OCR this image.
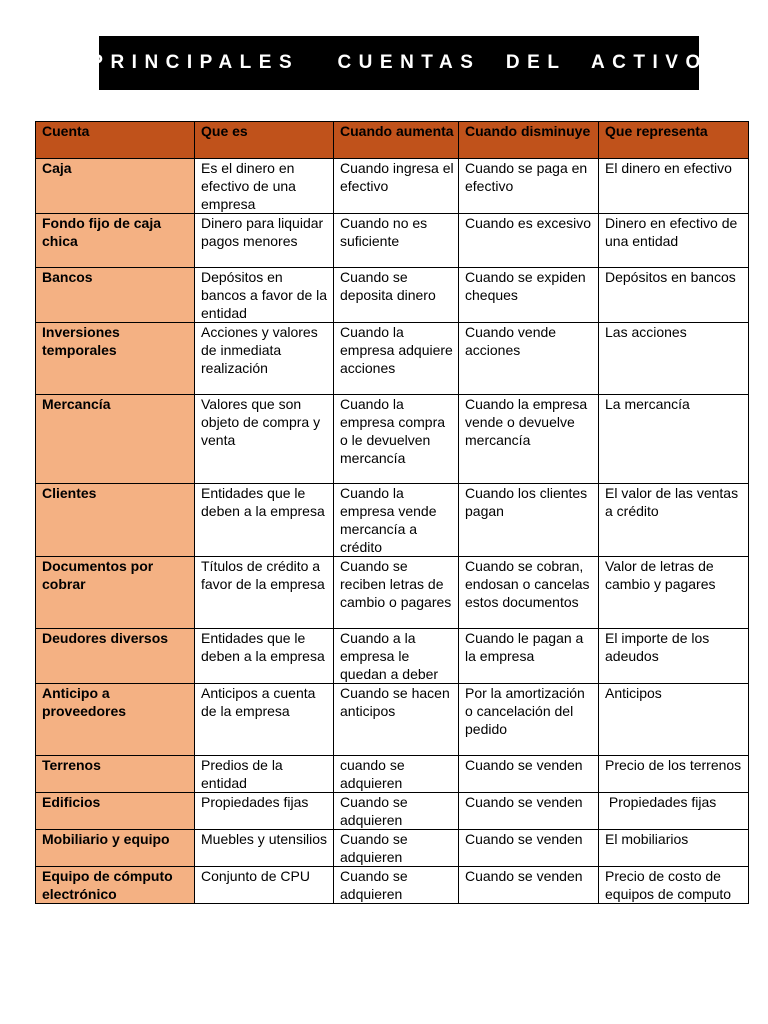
PRINCIPALES   CUENTAS  DEL  ACTIVO
Cuenta	Que es	Cuando aumenta	Cuando disminuye	Que representa
Caja	Es el dinero en efectivo de una empresa	Cuando ingresa el efectivo	Cuando se paga en efectivo	El dinero en efectivo
Fondo fijo de caja chica	Dinero para liquidar pagos menores	Cuando no es suficiente	Cuando es excesivo	Dinero en efectivo de una entidad
Bancos	Depósitos en bancos a favor de la entidad	Cuando se deposita dinero	Cuando se expiden cheques	Depósitos en bancos
Inversiones temporales	Acciones y valores de inmediata realización	Cuando la empresa adquiere acciones	Cuando vende acciones	Las acciones
Mercancía	Valores que son objeto de compra y venta	Cuando la empresa compra o le devuelven mercancía	Cuando la empresa vende o devuelve mercancía	La mercancía
Clientes	Entidades que le deben a la empresa	Cuando la empresa vende mercancía a crédito	Cuando los clientes pagan	El valor de las ventas a crédito
Documentos por cobrar	Títulos de crédito a favor de la empresa	Cuando se reciben letras de cambio o pagares	Cuando se cobran, endosan o cancelas estos documentos	Valor de letras de cambio y pagares
Deudores diversos	Entidades que le deben a la empresa	Cuando a la empresa le quedan a deber	Cuando le pagan a la empresa	El importe de los adeudos
Anticipo a proveedores	Anticipos a cuenta de la empresa	Cuando se hacen anticipos	Por la amortización o cancelación del pedido	Anticipos
Terrenos	Predios de la entidad	cuando se adquieren	Cuando se venden	Precio de los terrenos
Edificios	Propiedades fijas	Cuando se adquieren	Cuando se venden	Propiedades fijas
Mobiliario y equipo	Muebles y utensilios	Cuando se adquieren	Cuando se venden	El mobiliarios
Equipo de cómputo electrónico	Conjunto de CPU	Cuando se adquieren	Cuando se venden	Precio de costo de equipos de computo
